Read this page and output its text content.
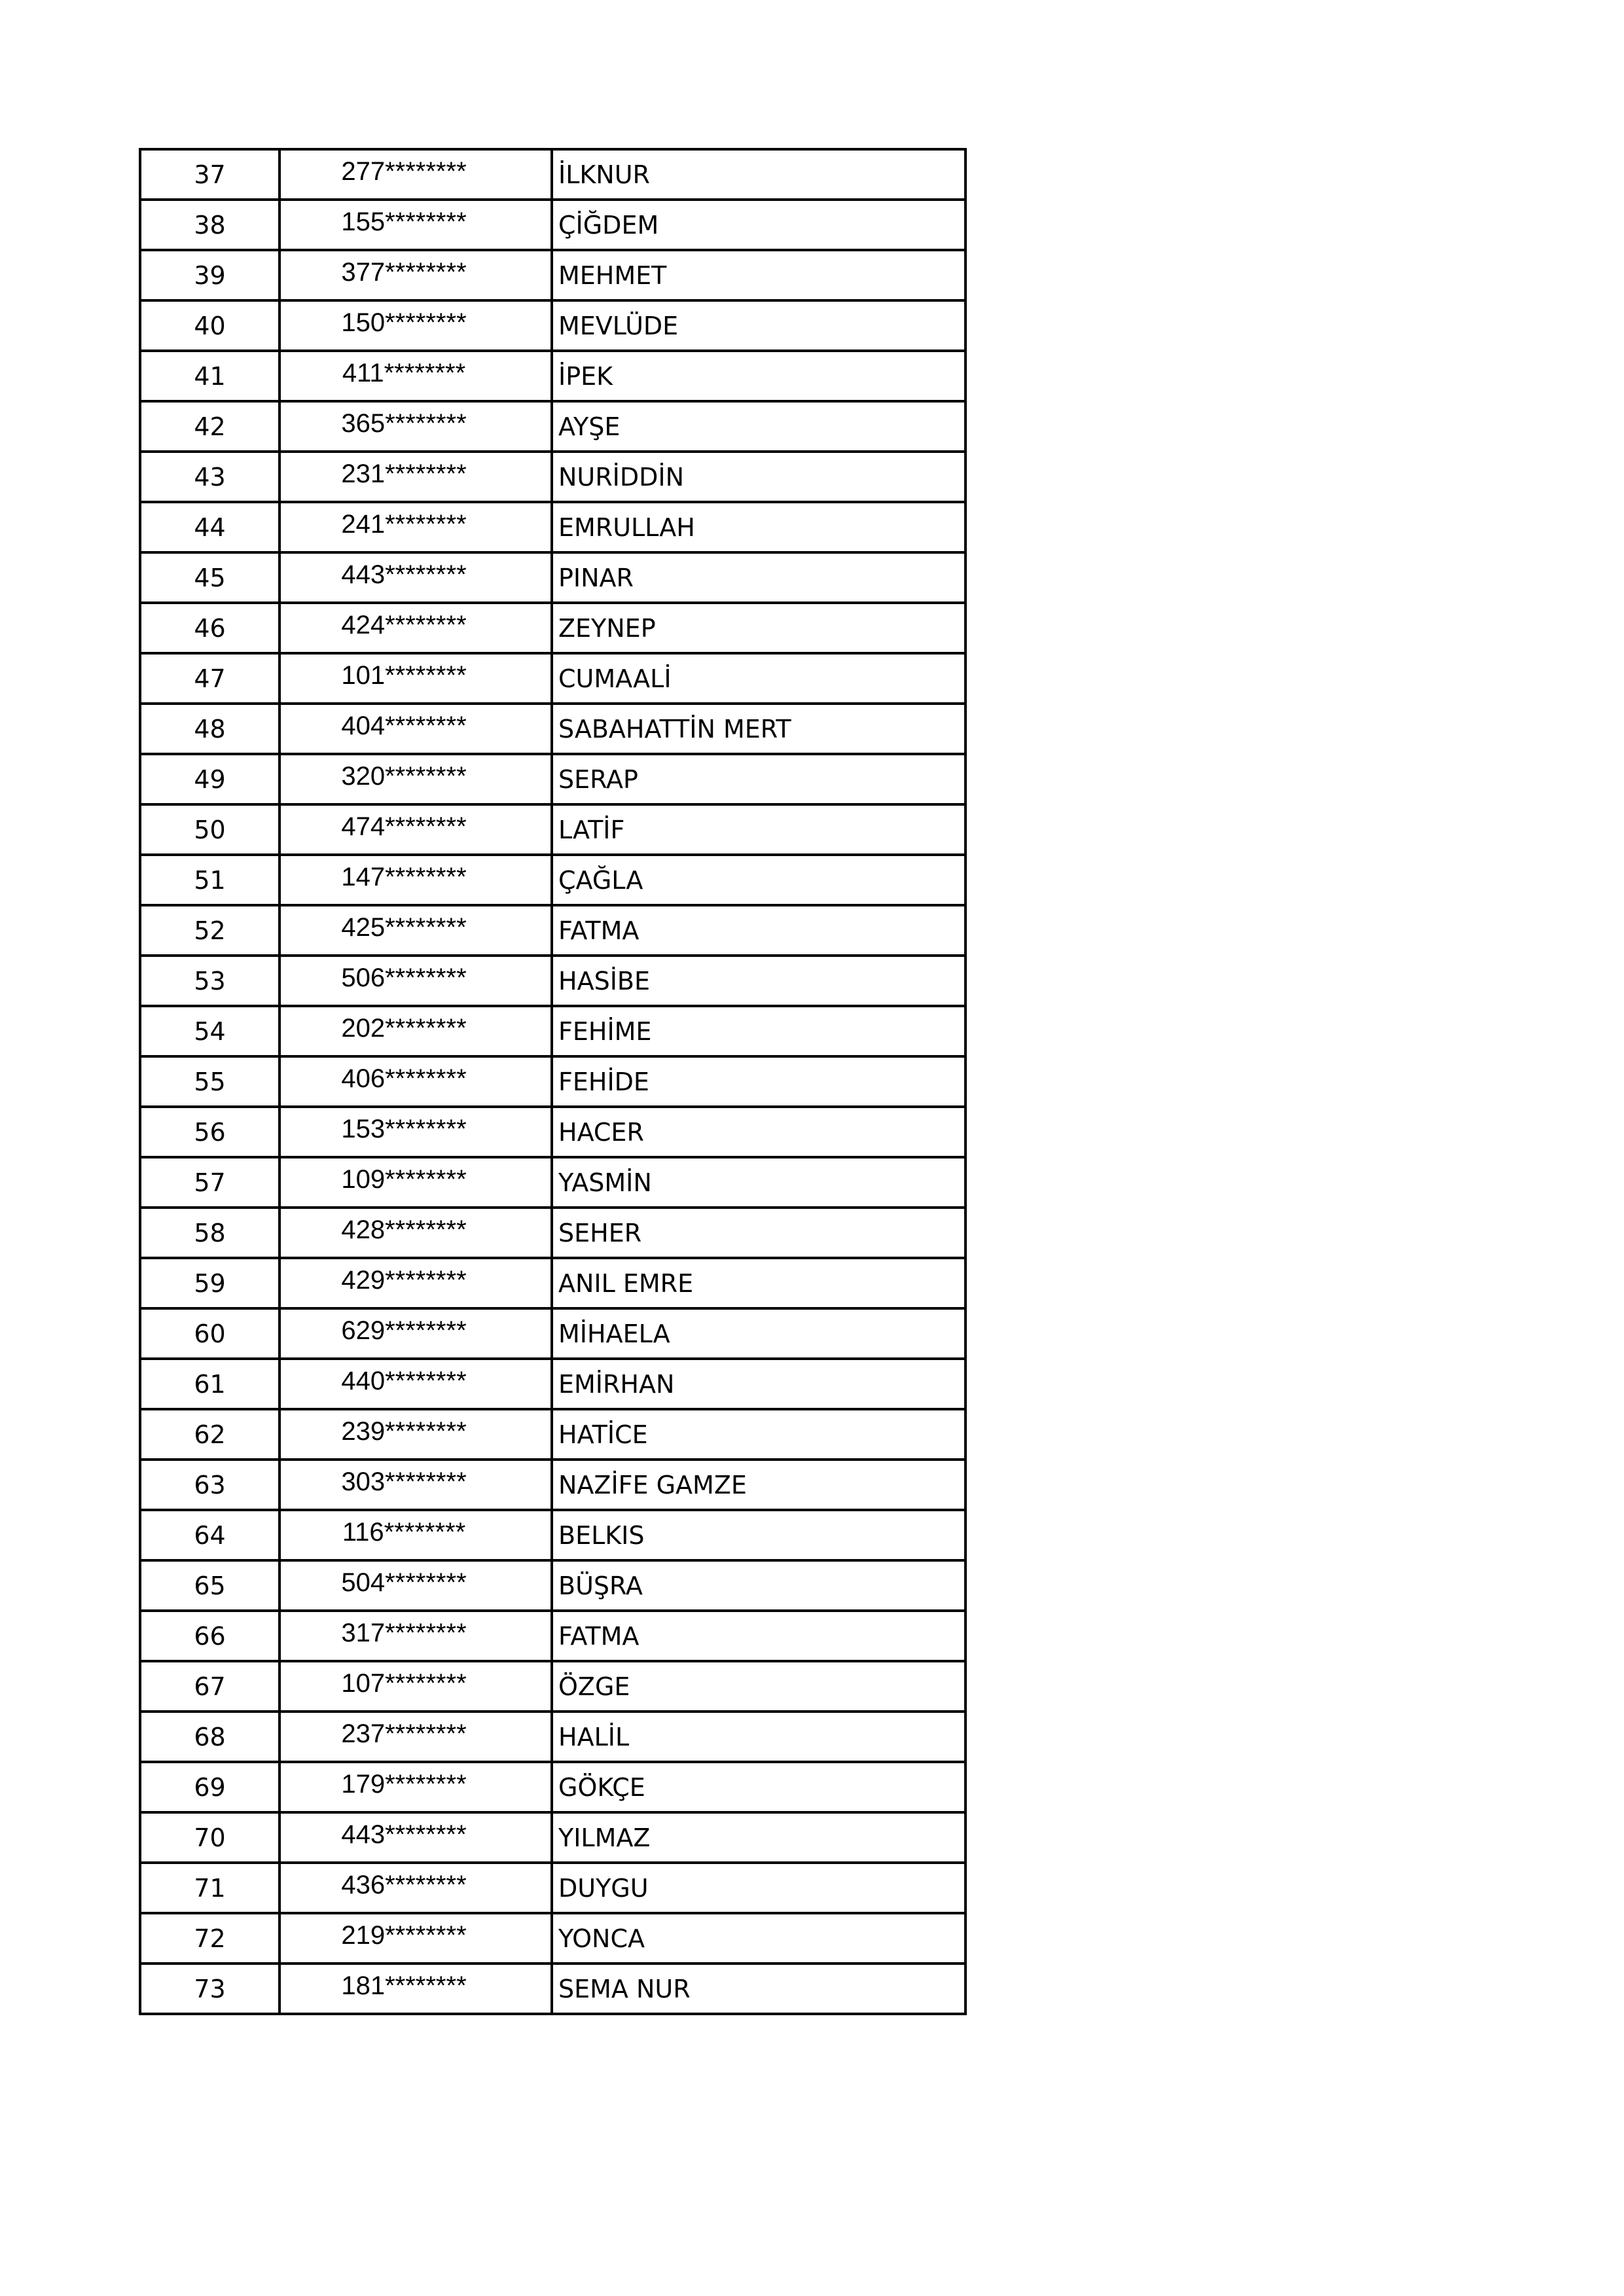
37	277********	İLKNUR
38	155********	ÇİĞDEM
39	377********	MEHMET
40	150********	MEVLÜDE
41	411********	İPEK
42	365********	AYŞE
43	231********	NURİDDİN
44	241********	EMRULLAH
45	443********	PINAR
46	424********	ZEYNEP
47	101********	CUMAALİ
48	404********	SABAHATTİN MERT
49	320********	SERAP
50	474********	LATİF
51	147********	ÇAĞLA
52	425********	FATMA
53	506********	HASİBE
54	202********	FEHİME
55	406********	FEHİDE
56	153********	HACER
57	109********	YASMİN
58	428********	SEHER
59	429********	ANIL EMRE
60	629********	MİHAELA
61	440********	EMİRHAN
62	239********	HATİCE
63	303********	NAZİFE GAMZE
64	116********	BELKIS
65	504********	BÜŞRA
66	317********	FATMA
67	107********	ÖZGE
68	237********	HALİL
69	179********	GÖKÇE
70	443********	YILMAZ
71	436********	DUYGU
72	219********	YONCA
73	181********	SEMA NUR
